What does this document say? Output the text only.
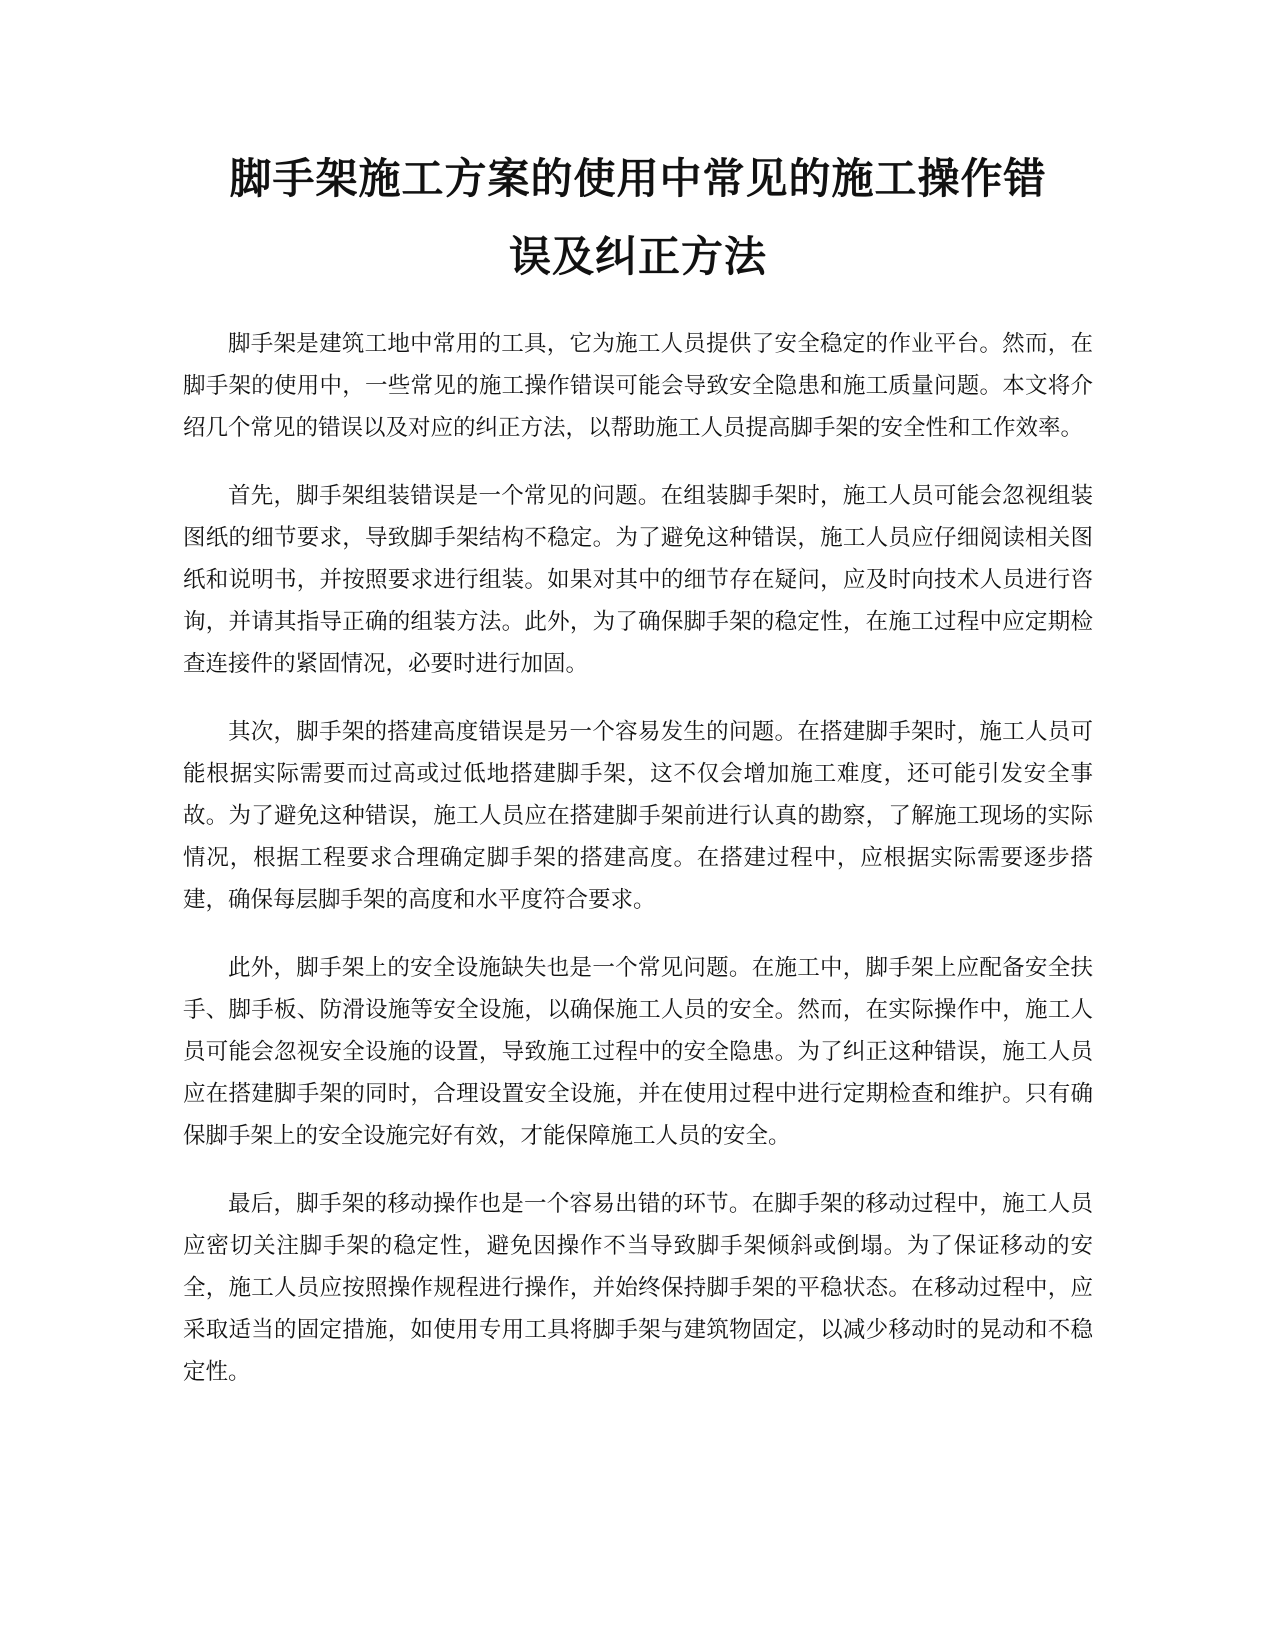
脚手架施工方案的使用中常见的施工操作错
误及纠正方法

脚手架是建筑工地中常用的工具，它为施工人员提供了安全稳定的作业平台。然而，在脚手架的使用中，一些常见的施工操作错误可能会导致安全隐患和施工质量问题。本文将介绍几个常见的错误以及对应的纠正方法，以帮助施工人员提高脚手架的安全性和工作效率。

首先，脚手架组装错误是一个常见的问题。在组装脚手架时，施工人员可能会忽视组装图纸的细节要求，导致脚手架结构不稳定。为了避免这种错误，施工人员应仔细阅读相关图纸和说明书，并按照要求进行组装。如果对其中的细节存在疑问，应及时向技术人员进行咨询，并请其指导正确的组装方法。此外，为了确保脚手架的稳定性，在施工过程中应定期检查连接件的紧固情况，必要时进行加固。

其次，脚手架的搭建高度错误是另一个容易发生的问题。在搭建脚手架时，施工人员可能根据实际需要而过高或过低地搭建脚手架，这不仅会增加施工难度，还可能引发安全事故。为了避免这种错误，施工人员应在搭建脚手架前进行认真的勘察，了解施工现场的实际情况，根据工程要求合理确定脚手架的搭建高度。在搭建过程中，应根据实际需要逐步搭建，确保每层脚手架的高度和水平度符合要求。

此外，脚手架上的安全设施缺失也是一个常见问题。在施工中，脚手架上应配备安全扶手、脚手板、防滑设施等安全设施，以确保施工人员的安全。然而，在实际操作中，施工人员可能会忽视安全设施的设置，导致施工过程中的安全隐患。为了纠正这种错误，施工人员应在搭建脚手架的同时，合理设置安全设施，并在使用过程中进行定期检查和维护。只有确保脚手架上的安全设施完好有效，才能保障施工人员的安全。

最后，脚手架的移动操作也是一个容易出错的环节。在脚手架的移动过程中，施工人员应密切关注脚手架的稳定性，避免因操作不当导致脚手架倾斜或倒塌。为了保证移动的安全，施工人员应按照操作规程进行操作，并始终保持脚手架的平稳状态。在移动过程中，应采取适当的固定措施，如使用专用工具将脚手架与建筑物固定，以减少移动时的晃动和不稳定性。
